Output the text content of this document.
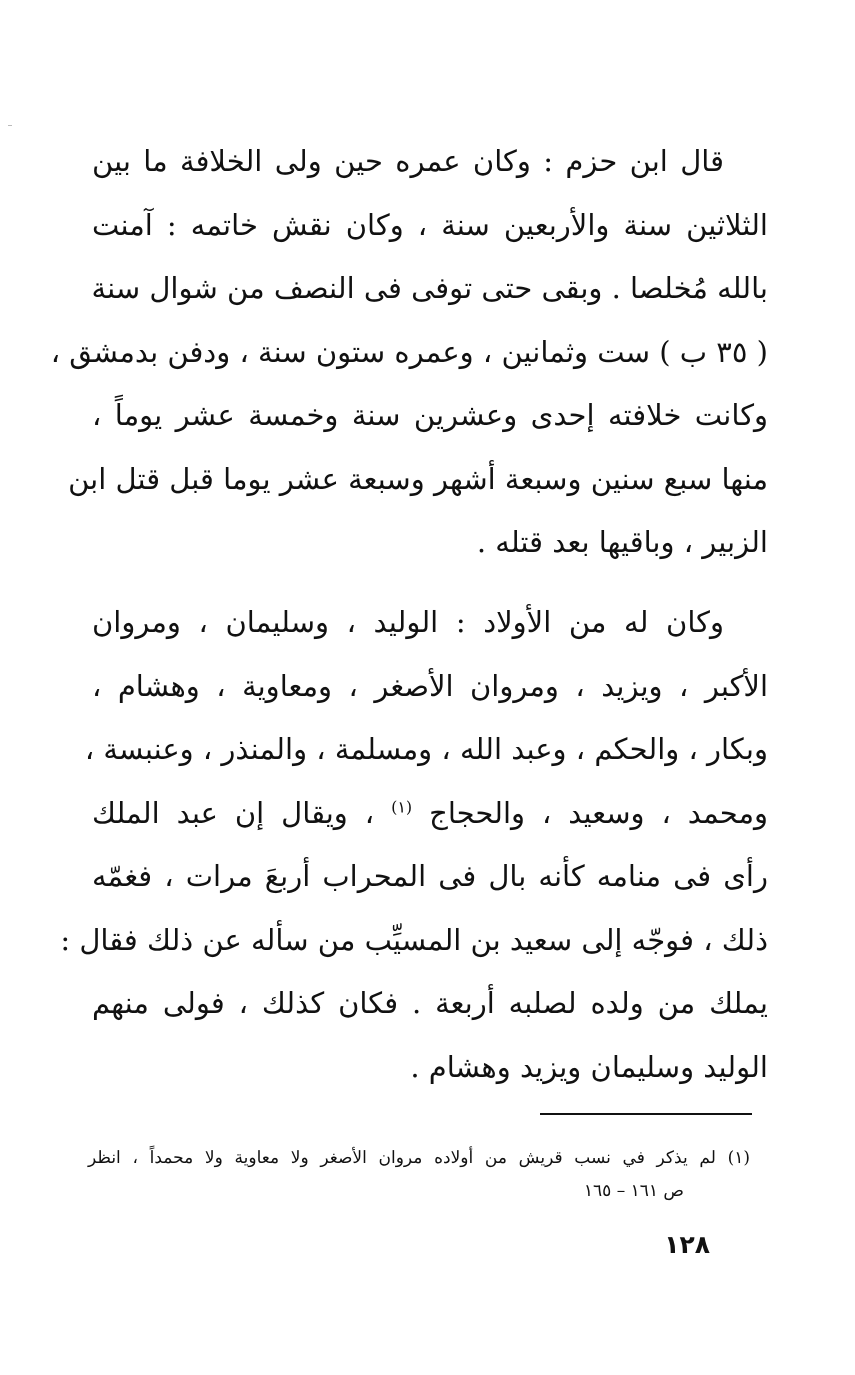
قال ابن حزم : وكان عمره حين ولى الخلافة ما بين
الثلاثين سنة والأربعين سنة ، وكان نقش خاتمه : آمنت
بالله مُخلصا . وبقى حتى توفى فى النصف من شوال سنة
( ٣٥ ب ) ست وثمانين ، وعمره ستون سنة ، ودفن بدمشق ،
وكانت خلافته إحدى وعشرين سنة وخمسة عشر يوماً ،
منها سبع سنين وسبعة أشهر وسبعة عشر يوما قبل قتل ابن
الزبير ، وباقيها بعد قتله .
وكان له من الأولاد : الوليد ، وسليمان ، ومروان
الأكبر ، ويزيد ، ومروان الأصغر ، ومعاوية ، وهشام ،
وبكار ، والحكم ، وعبد الله ، ومسلمة ، والمنذر ، وعنبسة ،
ومحمد ، وسعيد ، والحجاج $^{(١)}$ ، ويقال إن عبد الملك
رأى فى منامه كأنه بال فى المحراب أربعَ مرات ، فغمّه
ذلك ، فوجّه إلى سعيد بن المسيِّب من سأله عن ذلك فقال :
يملك من ولده لصلبه أربعة . فكان كذلك ، فولى منهم
الوليد وسليمان ويزيد وهشام .
(١) لم يذكر في نسب قريش من أولاده مروان الأصغر ولا معاوية ولا محمداً ، انظر
ص ١٦١ – ١٦٥
١٢٨
